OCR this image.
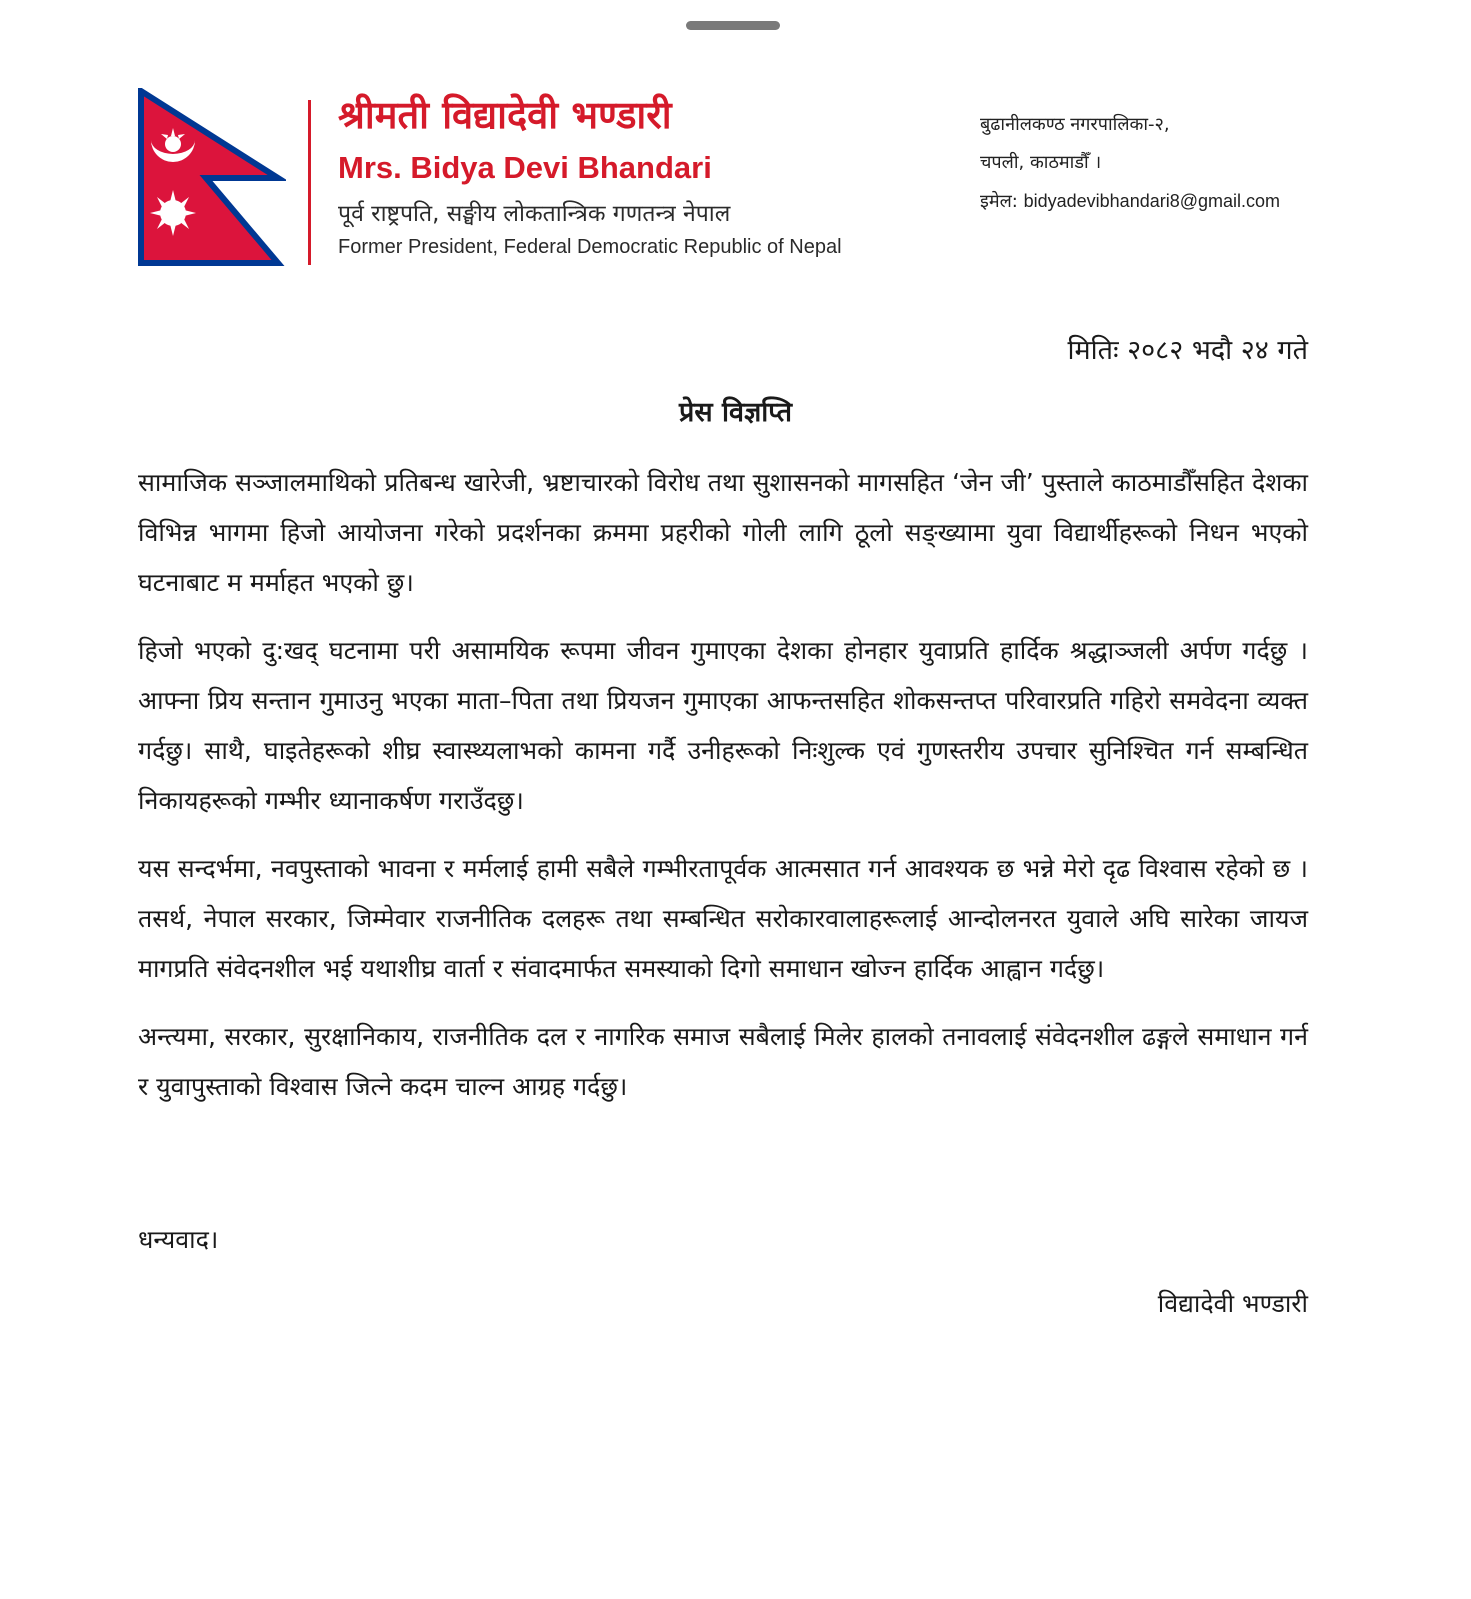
श्रीमती विद्यादेवी भण्डारी
Mrs. Bidya Devi Bhandari
पूर्व राष्ट्रपति, सङ्घीय लोकतान्त्रिक गणतन्त्र नेपाल
Former President, Federal Democratic Republic of Nepal
बुढानीलकण्ठ नगरपालिका-२,
चपली, काठमाडौँ ।
इमेल: bidyadevibhandari8@gmail.com
मितिः २०८२ भदौ २४ गते
प्रेस विज्ञप्ति

सामाजिक सञ्जालमाथिको प्रतिबन्ध खारेजी, भ्रष्टाचारको विरोध तथा सुशासनको मागसहित ‘जेन जी’ पुस्ताले काठमाडौँसहित देशका विभिन्न भागमा हिजो आयोजना गरेको प्रदर्शनका क्रममा प्रहरीको गोली लागि ठूलो सङ्ख्यामा युवा विद्यार्थीहरूको निधन भएको घटनाबाट म मर्माहत भएको छु।

हिजो भएको दु:खद् घटनामा परी असामयिक रूपमा जीवन गुमाएका देशका होनहार युवाप्रति हार्दिक श्रद्धाञ्जली अर्पण गर्दछु । आफ्ना प्रिय सन्तान गुमाउनु भएका माता–पिता तथा प्रियजन गुमाएका आफन्तसहित शोकसन्तप्त परिवारप्रति गहिरो समवेदना व्यक्त गर्दछु। साथै, घाइतेहरूको शीघ्र स्वास्थ्यलाभको कामना गर्दै उनीहरूको निःशुल्क एवं गुणस्तरीय उपचार सुनिश्चित गर्न सम्बन्धित निकायहरूको गम्भीर ध्यानाकर्षण गराउँदछु।

यस सन्दर्भमा, नवपुस्ताको भावना र मर्मलाई हामी सबैले गम्भीरतापूर्वक आत्मसात गर्न आवश्यक छ भन्ने मेरो दृढ विश्वास रहेको छ । तसर्थ, नेपाल सरकार, जिम्मेवार राजनीतिक दलहरू तथा सम्बन्धित सरोकारवालाहरूलाई आन्दोलनरत युवाले अघि सारेका जायज मागप्रति संवेदनशील भई यथाशीघ्र वार्ता र संवादमार्फत समस्याको दिगो समाधान खोज्न हार्दिक आह्वान गर्दछु।

अन्त्यमा, सरकार, सुरक्षानिकाय, राजनीतिक दल र नागरिक समाज सबैलाई मिलेर हालको तनावलाई संवेदनशील ढङ्गले समाधान गर्न र युवापुस्ताको विश्वास जित्ने कदम चाल्न आग्रह गर्दछु।

धन्यवाद।
विद्यादेवी भण्डारी
